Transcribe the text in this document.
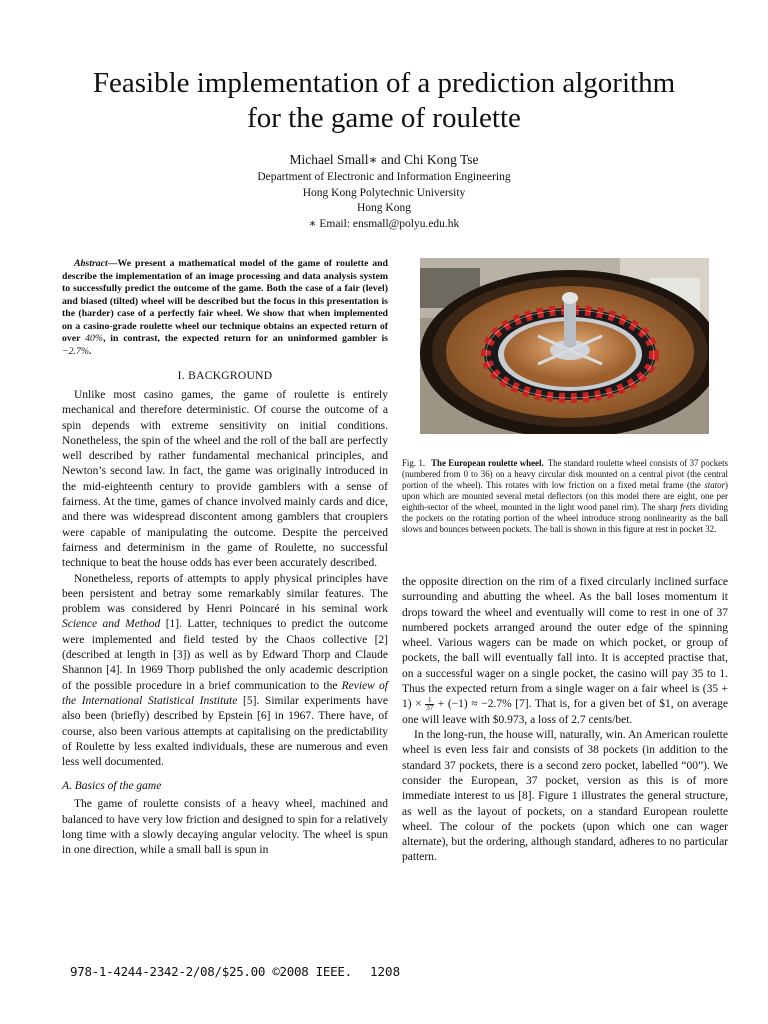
Feasible implementation of a prediction algorithm
for the game of roulette
Michael Small∗ and Chi Kong Tse
Department of Electronic and Information Engineering
Hong Kong Polytechnic University
Hong Kong
∗ Email: ensmall@polyu.edu.hk

Abstract—We present a mathematical model of the game of roulette and describe the implementation of an image processing and data analysis system to successfully predict the outcome of the game. Both the case of a fair (level) and biased (tilted) wheel will be described but the focus in this presentation is the (harder) case of a perfectly fair wheel. We show that when implemented on a casino-grade roulette wheel our technique obtains an expected return of over 40%, in contrast, the expected return for an uninformed gambler is −2.7%.

I. BACKGROUND

Unlike most casino games, the game of roulette is entirely mechanical and therefore deterministic. Of course the outcome of a spin depends with extreme sensitivity on initial conditions. Nonetheless, the spin of the wheel and the roll of the ball are perfectly well described by rather fundamental mechanical principles, and Newton’s second law. In fact, the game was originally introduced in the mid-eighteenth century to provide gamblers with a sense of fairness. At the time, games of chance involved mainly cards and dice, and there was widespread discontent among gamblers that croupiers were capable of manipulating the outcome. Despite the perceived fairness and determinism in the game of Roulette, no successful technique to beat the house odds has ever been accurately described.

Nonetheless, reports of attempts to apply physical principles have been persistent and betray some remarkably similar features. The problem was considered by Henri Poincaré in his seminal work Science and Method [1]. Latter, techniques to predict the outcome were implemented and field tested by the Chaos collective [2] (described at length in [3]) as well as by Edward Thorp and Claude Shannon [4]. In 1969 Thorp published the only academic description of the possible procedure in a brief communication to the Review of the International Statistical Institute [5]. Similar experiments have also been (briefly) described by Epstein [6] in 1967. There have, of course, also been various attempts at capitalising on the predictability of Roulette by less exalted individuals, these are numerous and even less well documented.

A. Basics of the game

The game of roulette consists of a heavy wheel, machined and balanced to have very low friction and designed to spin for a relatively long time with a slowly decaying angular velocity. The wheel is spun in one direction, while a small ball is spun in

Fig. 1. The European roulette wheel. The standard roulette wheel consists of 37 pockets (numbered from 0 to 36) on a heavy circular disk mounted on a central pivot (the central portion of the wheel). This rotates with low friction on a fixed metal frame (the stator) upon which are mounted several metal deflectors (on this model there are eight, one per eighth-sector of the wheel, mounted in the light wood panel rim). The sharp frets dividing the pockets on the rotating portion of the wheel introduce strong nonlinearity as the ball slows and bounces between pockets. The ball is shown in this figure at rest in pocket 32.

the opposite direction on the rim of a fixed circularly inclined surface surrounding and abutting the wheel. As the ball loses momentum it drops toward the wheel and eventually will come to rest in one of 37 numbered pockets arranged around the outer edge of the spinning wheel. Various wagers can be made on which pocket, or group of pockets, the ball will eventually fall into. It is accepted practise that, on a successful wager on a single pocket, the casino will pay 35 to 1. Thus the expected return from a single wager on a fair wheel is $(35 + 1) \times \frac{1}{37} + (-1) \approx -2.7\%$ [7]. That is, for a given bet of $1, on average one will leave with $0.973, a loss of 2.7 cents/bet.

In the long-run, the house will, naturally, win. An American roulette wheel is even less fair and consists of 38 pockets (in addition to the standard 37 pockets, there is a second zero pocket, labelled “00”). We consider the European, 37 pocket, version as this is of more immediate interest to us [8]. Figure 1 illustrates the general structure, as well as the layout of pockets, on a standard European roulette wheel. The colour of the pockets (upon which one can wager alternate), but the ordering, although standard, adheres to no particular pattern.

978-1-4244-2342-2/08/$25.00 ©2008 IEEE. 1208
